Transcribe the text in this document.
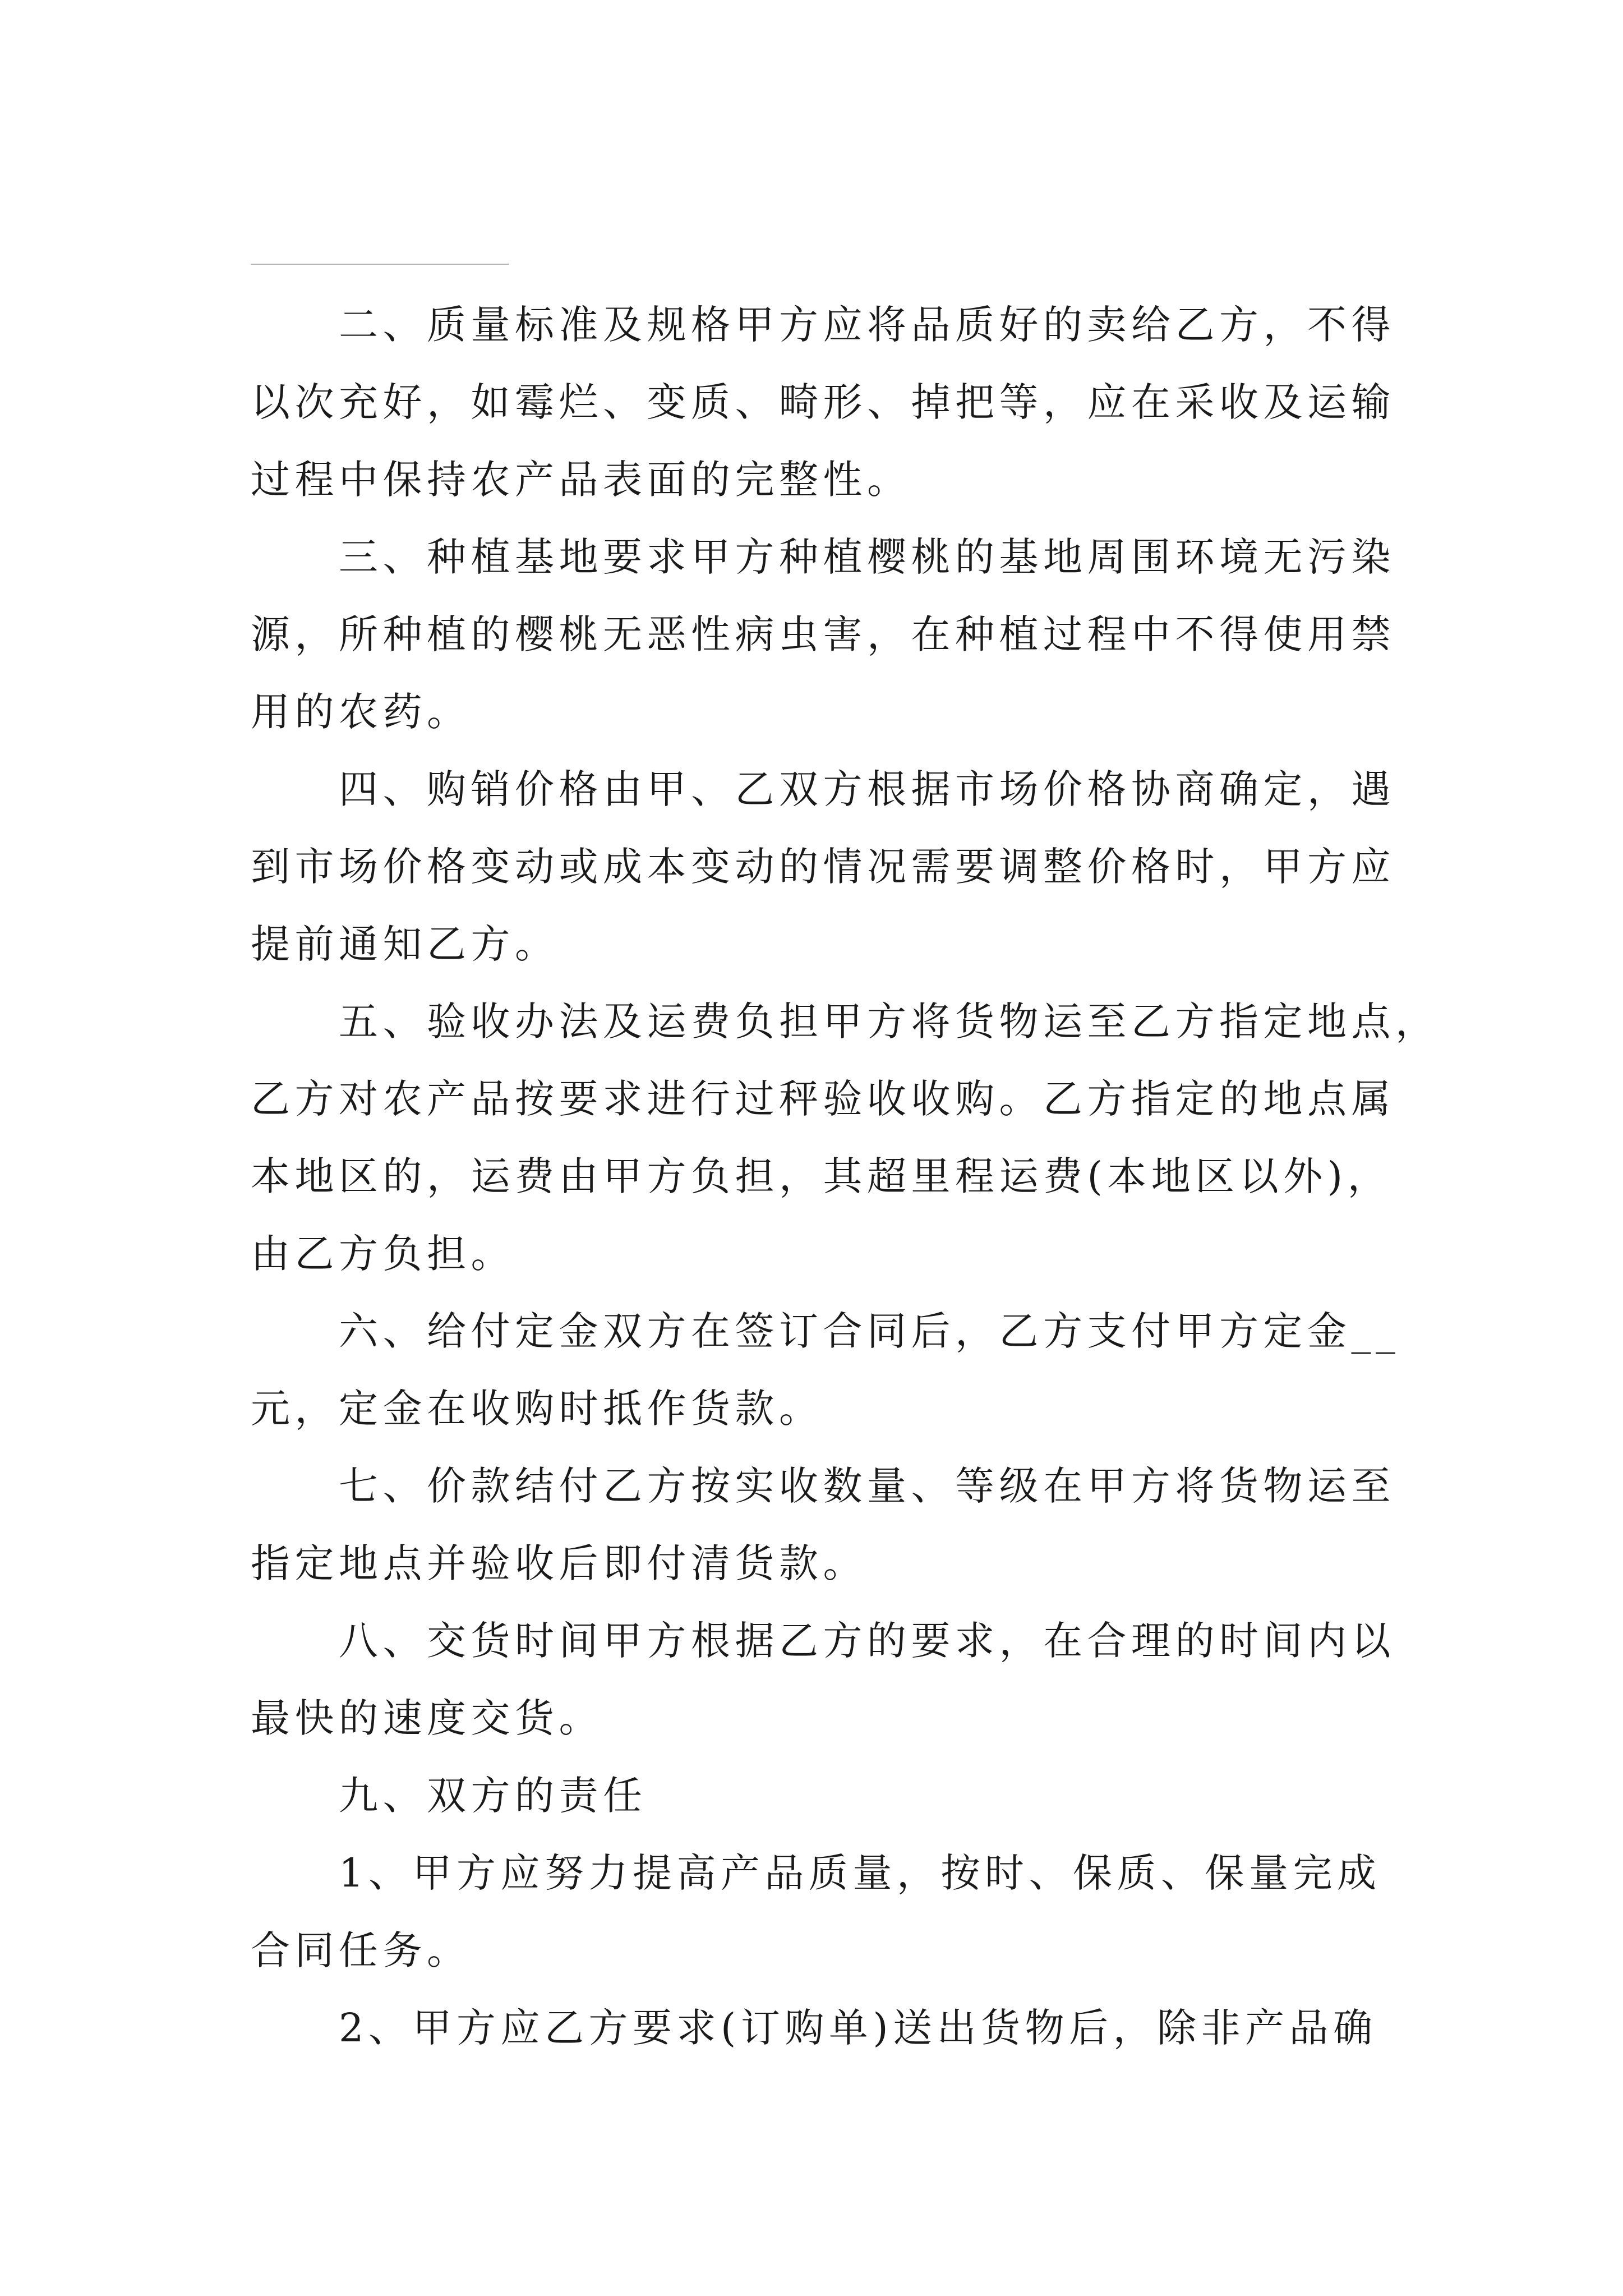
二、质量标准及规格甲方应将品质好的卖给乙方，不得

以次充好，如霉烂、变质、畸形、掉把等，应在采收及运输

过程中保持农产品表面的完整性。

三、种植基地要求甲方种植樱桃的基地周围环境无污染

源，所种植的樱桃无恶性病虫害，在种植过程中不得使用禁

用的农药。

四、购销价格由甲、乙双方根据市场价格协商确定，遇

到市场价格变动或成本变动的情况需要调整价格时，甲方应

提前通知乙方。

五、验收办法及运费负担甲方将货物运至乙方指定地点，

乙方对农产品按要求进行过秤验收收购。乙方指定的地点属

本地区的，运费由甲方负担，其超里程运费(本地区以外)，

由乙方负担。

六、给付定金双方在签订合同后，乙方支付甲方定金__

元，定金在收购时抵作货款。

七、价款结付乙方按实收数量、等级在甲方将货物运至

指定地点并验收后即付清货款。

八、交货时间甲方根据乙方的要求，在合理的时间内以

最快的速度交货。

九、双方的责任

1、甲方应努力提高产品质量，按时、保质、保量完成

合同任务。

2、甲方应乙方要求(订购单)送出货物后，除非产品确
